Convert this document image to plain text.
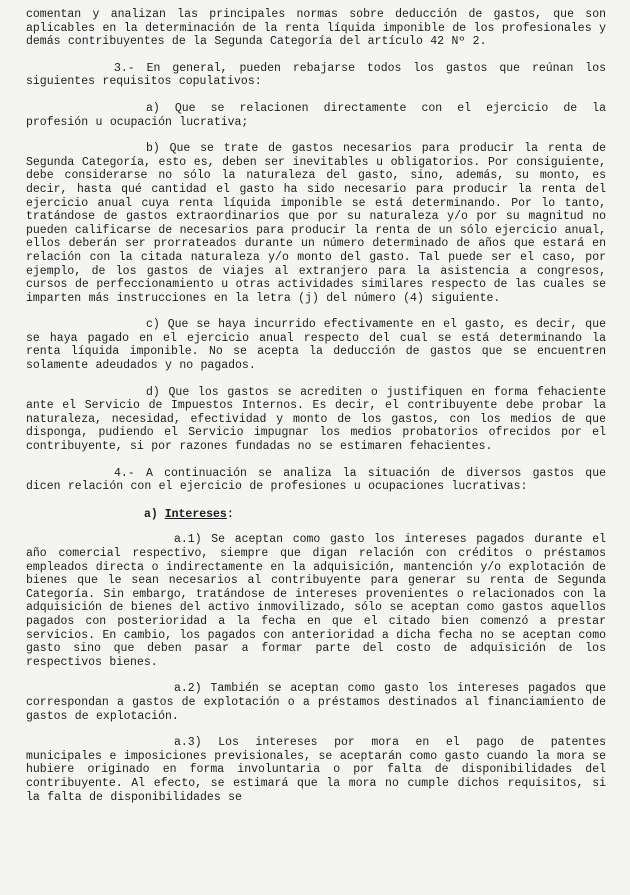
comentan y analizan las principales normas sobre deducción de gastos, que son aplicables en la determinación de la renta líquida imponible de los profesionales y demás contribuyentes de la Segunda Categoría del artículo 42 Nº 2.

3.- En general, pueden rebajarse todos los gastos que reúnan los siguientes requisitos copulativos:

a) Que se relacionen directamente con el ejercicio de la profesión u ocupación lucrativa;

b) Que se trate de gastos necesarios para producir la renta de Segunda Categoría, esto es, deben ser inevitables u obligatorios. Por consiguiente, debe considerarse no sólo la naturaleza del gasto, sino, además, su monto, es decir, hasta qué cantidad el gasto ha sido necesario para producir la renta del ejercicio anual cuya renta líquida imponible se está determinando. Por lo tanto, tratándose de gastos extraordinarios que por su naturaleza y/o por su magnitud no pueden calificarse de necesarios para producir la renta de un sólo ejercicio anual, ellos deberán ser prorrateados durante un número determinado de años que estará en relación con la citada naturaleza y/o monto del gasto. Tal puede ser el caso, por ejemplo, de los gastos de viajes al extranjero para la asistencia a congresos, cursos de perfeccionamiento u otras actividades similares respecto de las cuales se imparten más instrucciones en la letra (j) del número (4) siguiente.

c) Que se haya incurrido efectivamente en el gasto, es decir, que se haya pagado en el ejercicio anual respecto del cual se está determinando la renta líquida imponible. No se acepta la deducción de gastos que se encuentren solamente adeudados y no pagados.

d) Que los gastos se acrediten o justifiquen en forma fehaciente ante el Servicio de Impuestos Internos. Es decir, el contribuyente debe probar la naturaleza, necesidad, efectividad y monto de los gastos, con los medios de que disponga, pudiendo el Servicio impugnar los medios probatorios ofrecidos por el contribuyente, si por razones fundadas no se estimaren fehacientes.

4.- A continuación se analiza la situación de diversos gastos que dicen relación con el ejercicio de profesiones u ocupaciones lucrativas:

a) Intereses:

a.1) Se aceptan como gasto los intereses pagados durante el año comercial respectivo, siempre que digan relación con créditos o préstamos empleados directa o indirectamente en la adquisición, mantención y/o explotación de bienes que le sean necesarios al contribuyente para generar su renta de Segunda Categoría. Sin embargo, tratándose de intereses provenientes o relacionados con la adquisición de bienes del activo inmovilizado, sólo se aceptan como gastos aquellos pagados con posterioridad a la fecha en que el citado bien comenzó a prestar servicios. En cambio, los pagados con anterioridad a dicha fecha no se aceptan como gasto sino que deben pasar a formar parte del costo de adquisición de los respectivos bienes.

a.2) También se aceptan como gasto los intereses pagados que correspondan a gastos de explotación o a préstamos destinados al financiamiento de gastos de explotación.

a.3) Los intereses por mora en el pago de patentes municipales e imposiciones previsionales, se aceptarán como gasto cuando la mora se hubiere originado en forma involuntaria o por falta de disponibilidades del contribuyente. Al efecto, se estimará que la mora no cumple dichos requisitos, si la falta de disponibilidades se
